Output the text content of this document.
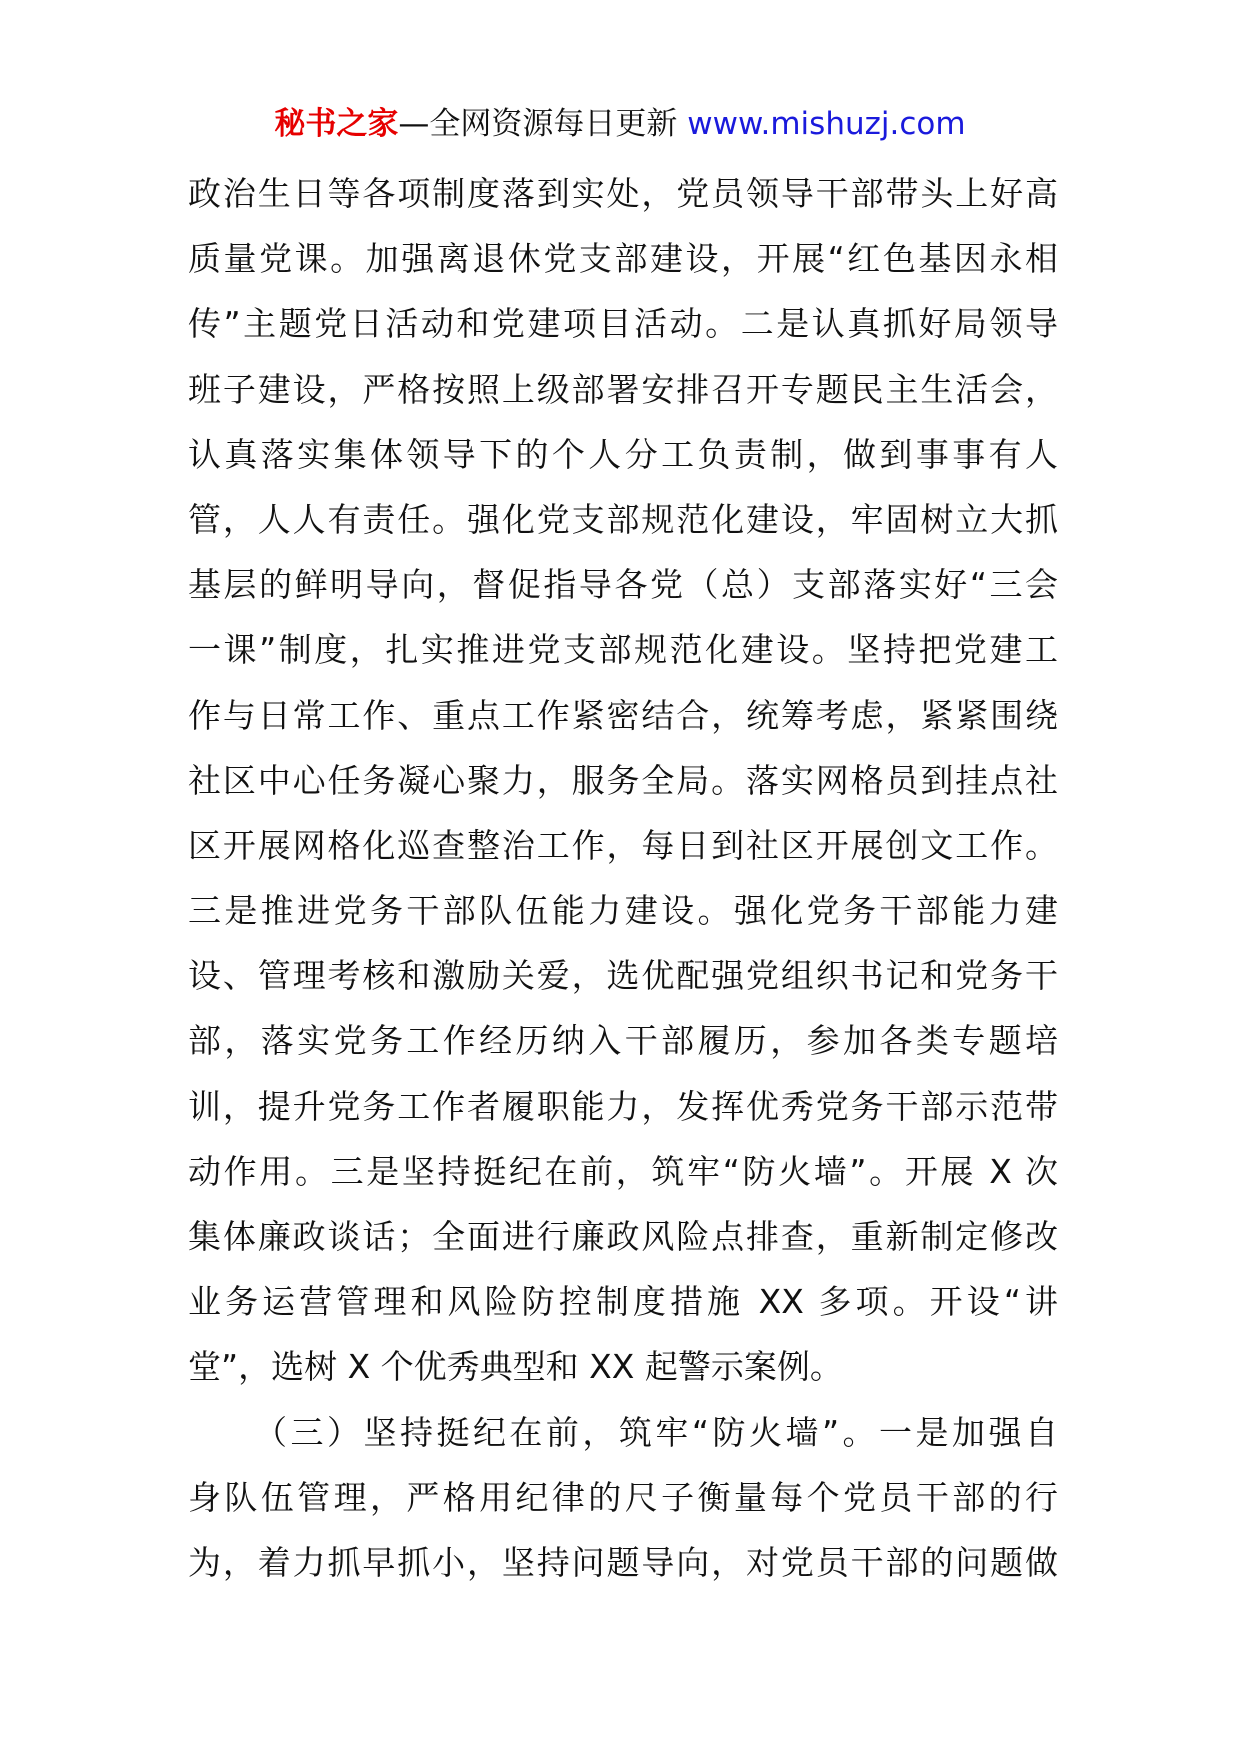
秘书之家—全网资源每日更新 www.mishuzj.com
政治生日等各项制度落到实处，党员领导干部带头上好高
质量党课。加强离退休党支部建设，开展“红色基因永相
传”主题党日活动和党建项目活动。二是认真抓好局领导
班子建设，严格按照上级部署安排召开专题民主生活会，
认真落实集体领导下的个人分工负责制，做到事事有人
管，人人有责任。强化党支部规范化建设，牢固树立大抓
基层的鲜明导向，督促指导各党（总）支部落实好“三会
一课”制度，扎实推进党支部规范化建设。坚持把党建工
作与日常工作、重点工作紧密结合，统筹考虑，紧紧围绕
社区中心任务凝心聚力，服务全局。落实网格员到挂点社
区开展网格化巡查整治工作，每日到社区开展创文工作。
三是推进党务干部队伍能力建设。强化党务干部能力建
设、管理考核和激励关爱，选优配强党组织书记和党务干
部，落实党务工作经历纳入干部履历，参加各类专题培
训，提升党务工作者履职能力，发挥优秀党务干部示范带
动作用。三是坚持挺纪在前，筑牢“防火墙”。开展 X 次
集体廉政谈话；全面进行廉政风险点排查，重新制定修改
业务运营管理和风险防控制度措施 XX 多项。开设“讲
堂”，选树 X 个优秀典型和 XX 起警示案例。
（三）坚持挺纪在前，筑牢“防火墙”。一是加强自
身队伍管理，严格用纪律的尺子衡量每个党员干部的行
为，着力抓早抓小，坚持问题导向，对党员干部的问题做
